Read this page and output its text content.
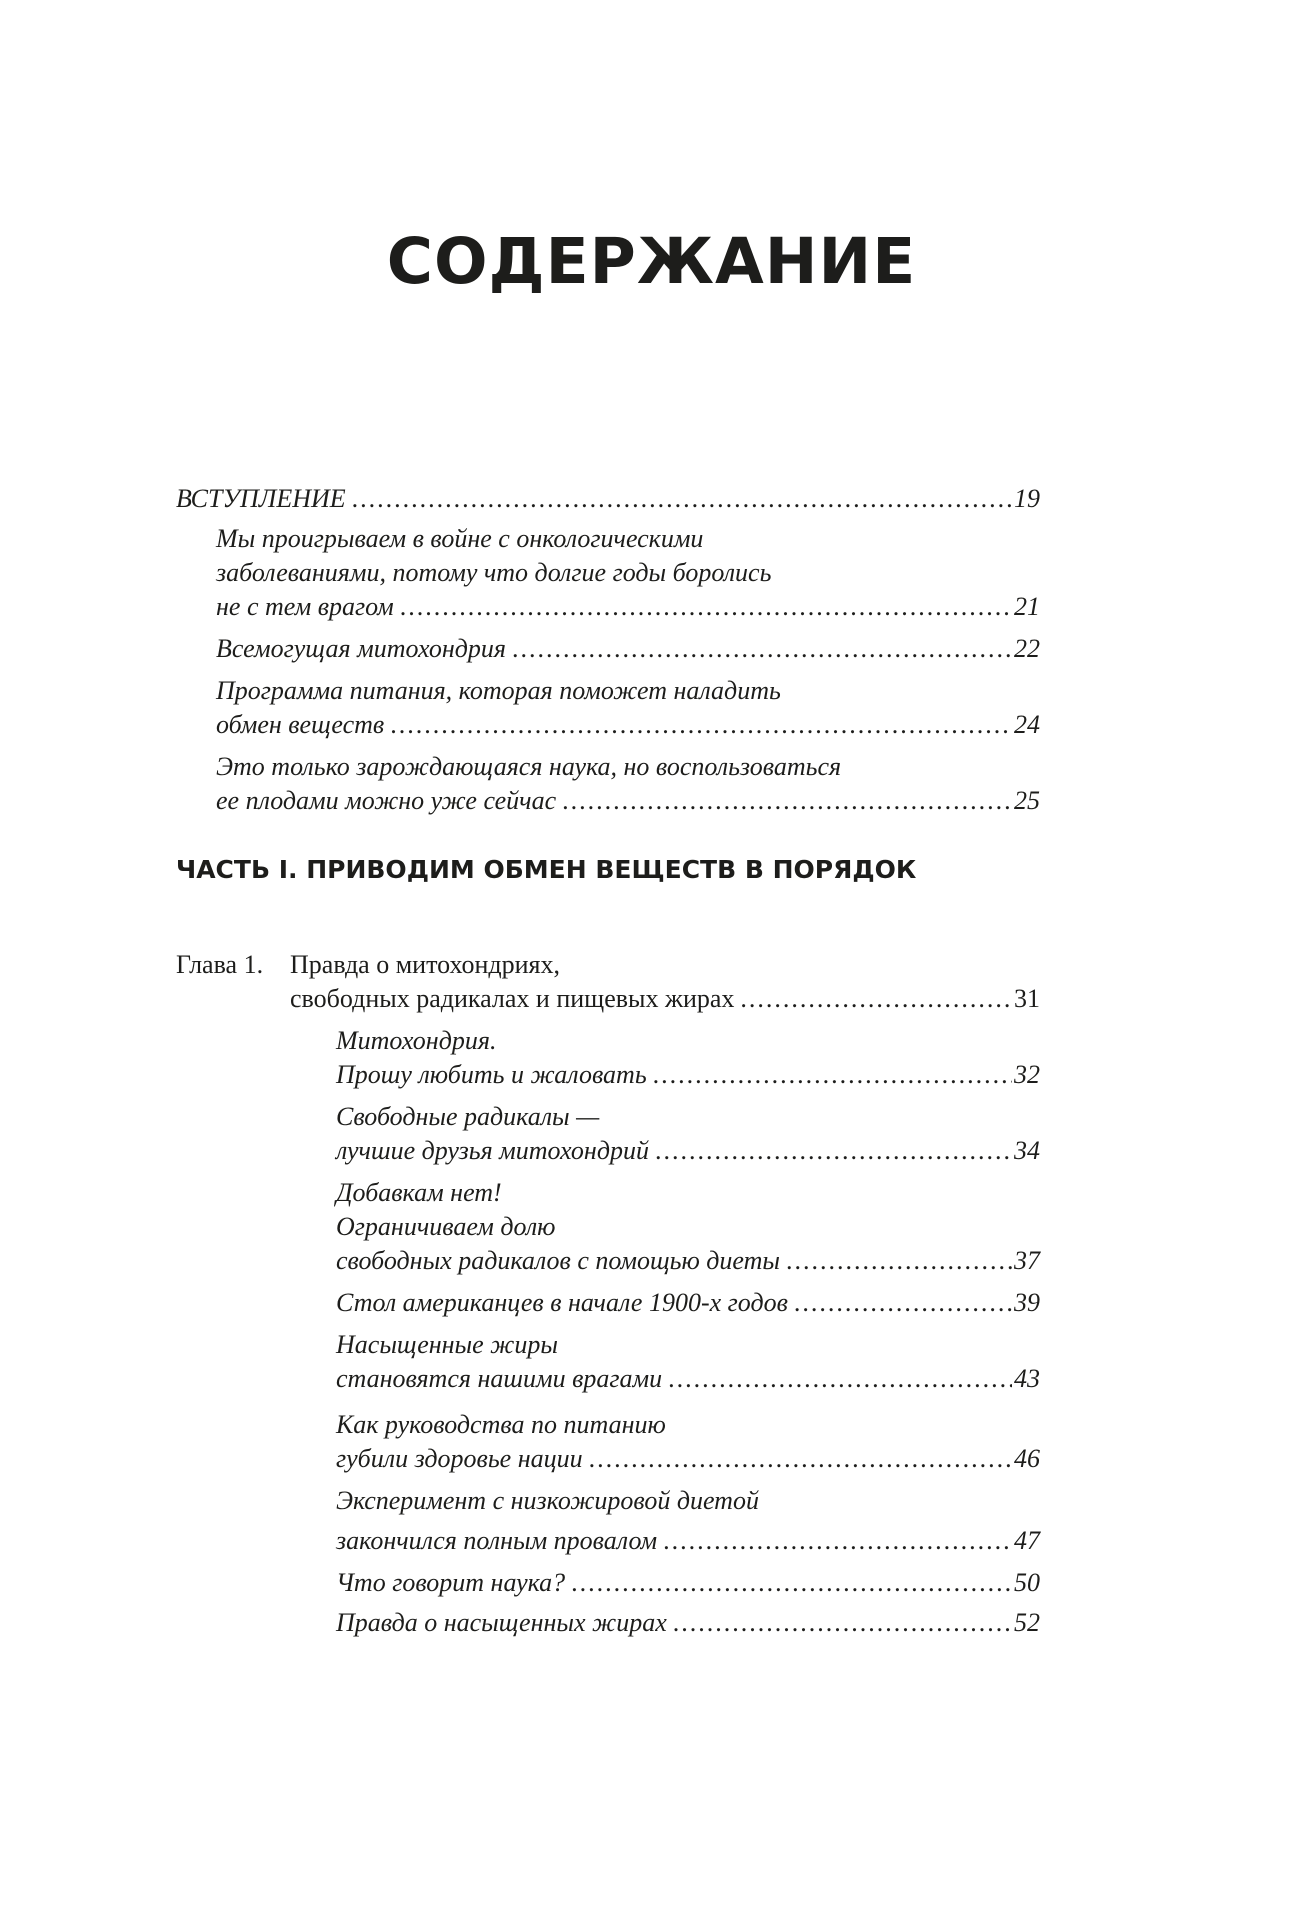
СОДЕРЖАНИЕ
ВСТУПЛЕНИЕ .....	19
Мы проигрываем в войне с онкологическими
заболеваниями, потому что долгие годы боролись
не с тем врагом .....	21
Всемогущая митохондрия .....	22
Программа питания, которая поможет наладить
обмен веществ .....	24
Это только зарождающаяся наука, но воспользоваться
ее плодами можно уже сейчас .....	25
ЧАСТЬ I. ПРИВОДИМ ОБМЕН ВЕЩЕСТВ В ПОРЯДОК
Глава 1. Правда о митохондриях,
свободных радикалах и пищевых жирах .....	31
Митохондрия.
Прошу любить и жаловать .....	32
Свободные радикалы —
лучшие друзья митохондрий .....	34
Добавкам нет!
Ограничиваем долю
свободных радикалов с помощью диеты .....	37
Стол американцев в начале 1900-х годов .....	39
Насыщенные жиры
становятся нашими врагами .....	43
Как руководства по питанию
губили здоровье нации .....	46
Эксперимент с низкожировой диетой
закончился полным провалом .....	47
Что говорит наука? .....	50
Правда о насыщенных жирах .....	52
